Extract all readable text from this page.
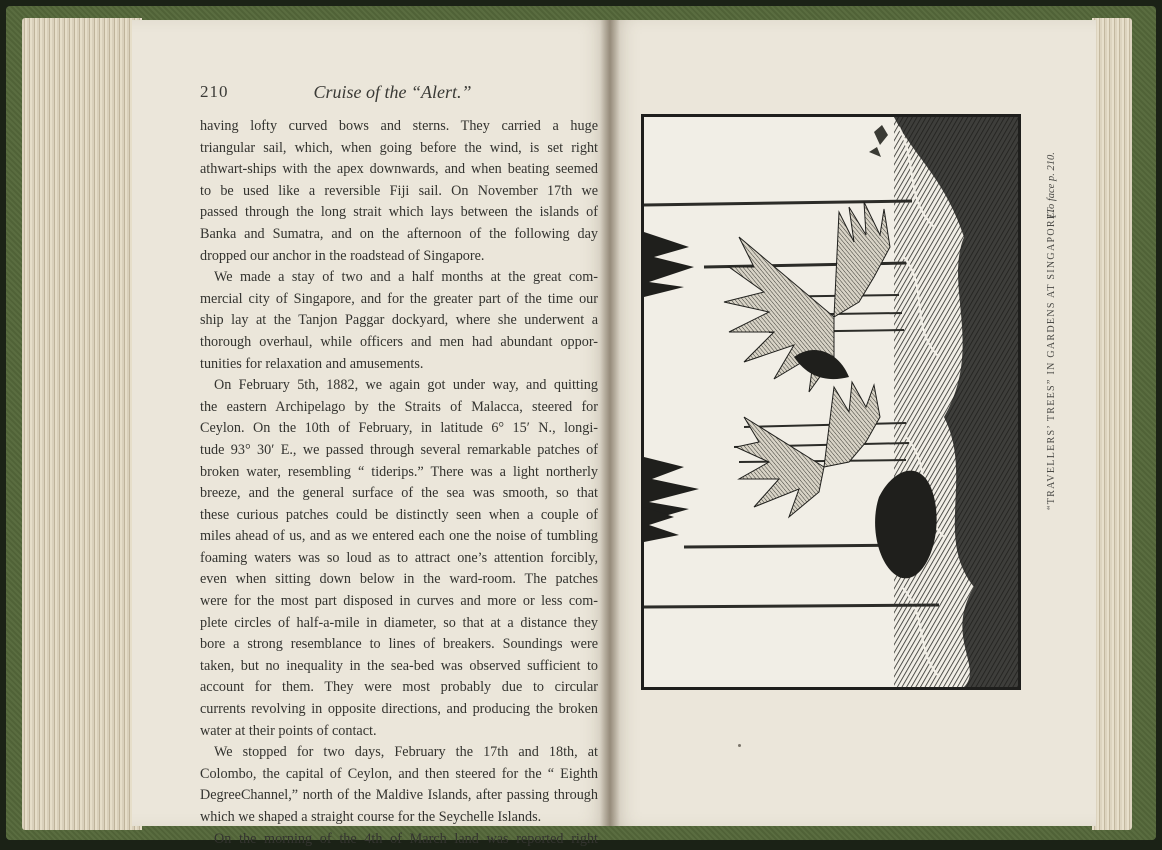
210	Cruise of the “Alert.”
having lofty curved bows and sterns. They carried a huge
triangular sail, which, when going before the wind, is set right
athwart-ships with the apex downwards, and when beating seemed
to be used like a reversible Fiji sail. On November 17th we
passed through the long strait which lays between the islands of
Banka and Sumatra, and on the afternoon of the following day
dropped our anchor in the roadstead of Singapore.
We made a stay of two and a half months at the great com-
mercial city of Singapore, and for the greater part of the time our
ship lay at the Tanjon Paggar dockyard, where she underwent a
thorough overhaul, while officers and men had abundant oppor-
tunities for relaxation and amusements.
On February 5th, 1882, we again got under way, and quitting
the eastern Archipelago by the Straits of Malacca, steered for
Ceylon. On the 10th of February, in latitude 6° 15′ N., longi-
tude 93° 30′ E., we passed through several remarkable patches of
broken water, resembling “ tiderips.” There was a light northerly
breeze, and the general surface of the sea was smooth, so that
these curious patches could be distinctly seen when a couple of
miles ahead of us, and as we entered each one the noise of tumbling
foaming waters was so loud as to attract one’s attention forcibly,
even when sitting down below in the ward-room. The patches
were for the most part disposed in curves and more or less com-
plete circles of half-a-mile in diameter, so that at a distance they
bore a strong resemblance to lines of breakers. Soundings were
taken, but no inequality in the sea-bed was observed sufficient to
account for them. They were most probably due to circular
currents revolving in opposite directions, and producing the broken
water at their points of contact.
We stopped for two days, February the 17th and 18th, at
Colombo, the capital of Ceylon, and then steered for the “ Eighth
DegreeChannel,” north of the Maldive Islands, after passing through
which we shaped a straight course for the Seychelle Islands.
On the morning of the 4th of March land was reported right
“TRAVELLERS’ TREES” IN GARDENS AT SINGAPORE.
[To face p. 210.
